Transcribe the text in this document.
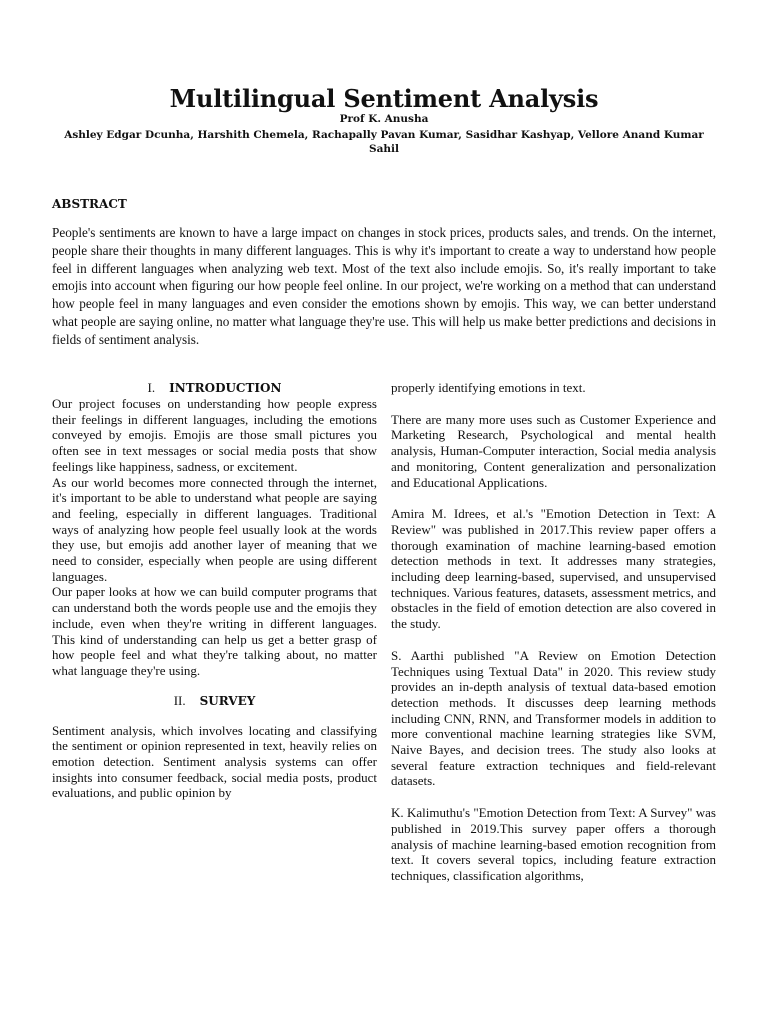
Multilingual Sentiment Analysis
Prof K. Anusha
Ashley Edgar Dcunha, Harshith Chemela, Rachapally Pavan Kumar, Sasidhar Kashyap, Vellore Anand Kumar Sahil
ABSTRACT

People's sentiments are known to have a large impact on changes in stock prices, products sales, and trends. On the internet, people share their thoughts in many different languages. This is why it's important to create a way to understand how people feel in different languages when analyzing web text. Most of the text also include emojis. So, it's really important to take emojis into account when figuring our how people feel online. In our project, we're working on a method that can understand how people feel in many languages and even consider the emotions shown by emojis. This way, we can better understand what people are saying online, no matter what language they're use. This will help us make better predictions and decisions in fields of sentiment analysis.

I. INTRODUCTION

Our project focuses on understanding how people express their feelings in different languages, including the emotions conveyed by emojis. Emojis are those small pictures you often see in text messages or social media posts that show feelings like happiness, sadness, or excitement.

As our world becomes more connected through the internet, it's important to be able to understand what people are saying and feeling, especially in different languages. Traditional ways of analyzing how people feel usually look at the words they use, but emojis add another layer of meaning that we need to consider, especially when people are using different languages.

Our paper looks at how we can build computer programs that can understand both the words people use and the emojis they include, even when they're writing in different languages. This kind of understanding can help us get a better grasp of how people feel and what they're talking about, no matter what language they're using.

II. SURVEY

Sentiment analysis, which involves locating and classifying the sentiment or opinion represented in text, heavily relies on emotion detection. Sentiment analysis systems can offer insights into consumer feedback, social media posts, product evaluations, and public opinion by

properly identifying emotions in text.

There are many more uses such as Customer Experience and Marketing Research, Psychological and mental health analysis, Human-Computer interaction, Social media analysis and monitoring, Content generalization and personalization and Educational Applications.

Amira M. Idrees, et al.'s "Emotion Detection in Text: A Review" was published in 2017.This review paper offers a thorough examination of machine learning-based emotion detection methods in text. It addresses many strategies, including deep learning-based, supervised, and unsupervised techniques. Various features, datasets, assessment metrics, and obstacles in the field of emotion detection are also covered in the study.

S. Aarthi published "A Review on Emotion Detection Techniques using Textual Data" in 2020. This review study provides an in-depth analysis of textual data-based emotion detection methods. It discusses deep learning methods including CNN, RNN, and Transformer models in addition to more conventional machine learning strategies like SVM, Naive Bayes, and decision trees. The study also looks at several feature extraction techniques and field-relevant datasets.

K. Kalimuthu's "Emotion Detection from Text: A Survey" was published in 2019.This survey paper offers a thorough analysis of machine learning-based emotion recognition from text. It covers several topics, including feature extraction techniques, classification algorithms,
